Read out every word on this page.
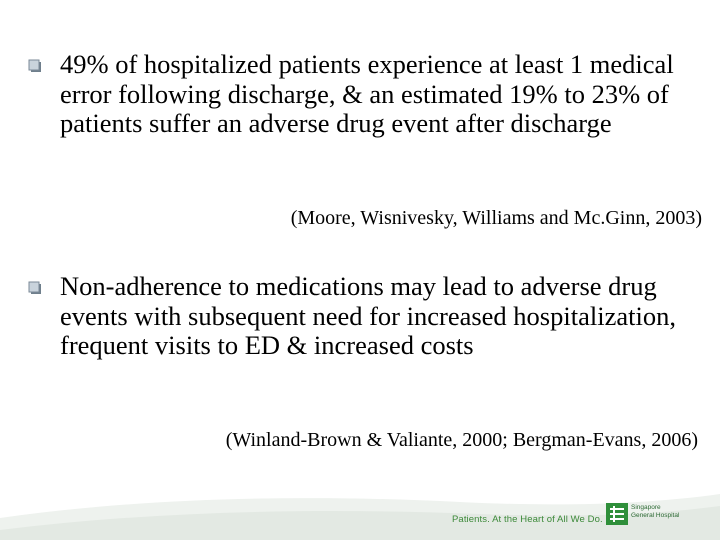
49% of hospitalized patients experience at least 1 medical error following discharge, & an estimated 19% to 23% of patients suffer an adverse drug event after discharge

(Moore, Wisnivesky, Williams and Mc.Ginn, 2003)

Non-adherence to medications may lead to adverse drug events with subsequent need for increased hospitalization, frequent visits to ED & increased costs

(Winland-Brown & Valiante, 2000; Bergman-Evans, 2006)
Patients. At the Heart of All We Do.
Singapore
General Hospital
